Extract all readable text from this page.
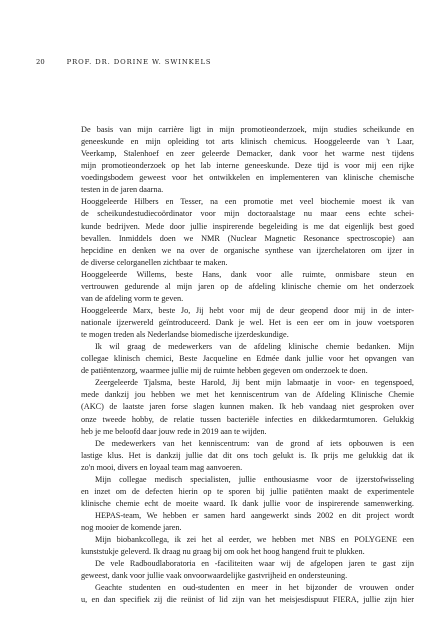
20	PROF. DR. DORINE W. SWINKELS
De basis van mijn carrière ligt in mijn promotieonderzoek, mijn studies scheikunde en
geneeskunde en mijn opleiding tot arts klinisch chemicus. Hooggeleerde van 't Laar,
Veerkamp, Stalenhoef en zeer geleerde Demacker, dank voor het warme nest tijdens
mijn promotieonderzoek op het lab interne geneeskunde. Deze tijd is voor mij een rijke
voedingsbodem geweest voor het ontwikkelen en implementeren van klinische chemische
testen in de jaren daarna.
Hooggeleerde Hilbers en Tesser, na een promotie met veel biochemie moest ik van
de scheikundestudiecoördinator voor mijn doctoraalstage nu maar eens echte schei-
kunde bedrijven. Mede door jullie inspirerende begeleiding is me dat eigenlijk best goed
bevallen. Inmiddels doen we NMR (Nuclear Magnetic Resonance spectroscopie) aan
hepcidine en denken we na over de organische synthese van ijzerchelatoren om ijzer in
de diverse celorganellen zichtbaar te maken.
Hooggeleerde Willems, beste Hans, dank voor alle ruimte, onmisbare steun en
vertrouwen gedurende al mijn jaren op de afdeling klinische chemie om het onderzoek
van de afdeling vorm te geven.
Hooggeleerde Marx, beste Jo, Jij hebt voor mij de deur geopend door mij in de inter-
nationale ijzerwereld geïntroduceerd. Dank je wel. Het is een eer om in jouw voetsporen
te mogen treden als Nederlandse biomedische ijzerdeskundige.
Ik wil graag de medewerkers van de afdeling klinische chemie bedanken. Mijn
collegae klinisch chemici, Beste Jacqueline en Edmée dank jullie voor het opvangen van
de patiëntenzorg, waarmee jullie mij de ruimte hebben gegeven om onderzoek te doen.
Zeergeleerde Tjalsma, beste Harold, Jij bent mijn labmaatje in voor- en tegenspoed,
mede dankzij jou hebben we met het kenniscentrum van de Afdeling Klinische Chemie
(AKC) de laatste jaren forse slagen kunnen maken. Ik heb vandaag niet gesproken over
onze tweede hobby, de relatie tussen bacteriële infecties en dikkedarmtumoren. Gelukkig
heb je me beloofd daar jouw rede in 2019 aan te wijden.
De medewerkers van het kenniscentrum: van de grond af iets opbouwen is een
lastige klus. Het is dankzij jullie dat dit ons toch gelukt is. Ik prijs me gelukkig dat ik
zo'n mooi, divers en loyaal team mag aanvoeren.
Mijn collegae medisch specialisten, jullie enthousiasme voor de ijzerstofwisseling
en inzet om de defecten hierin op te sporen bij jullie patiënten maakt de experimentele
klinische chemie echt de moeite waard. Ik dank jullie voor de inspirerende samenwerking.
HEPAS-team, We hebben er samen hard aangewerkt sinds 2002 en dit project wordt
nog mooier de komende jaren.
Mijn biobankcollega, ik zei het al eerder, we hebben met NBS en POLYGENE een
kunststukje geleverd. Ik draag nu graag bij om ook het hoog hangend fruit te plukken.
De vele Radboudlaboratoria en -faciliteiten waar wij de afgelopen jaren te gast zijn
geweest, dank voor jullie vaak onvoorwaardelijke gastvrijheid en ondersteuning.
Geachte studenten en oud-studenten en meer in het bijzonder de vrouwen onder
u, en dan specifiek zij die reünist of lid zijn van het meisjesdispuut FIERA, jullie zijn hier
